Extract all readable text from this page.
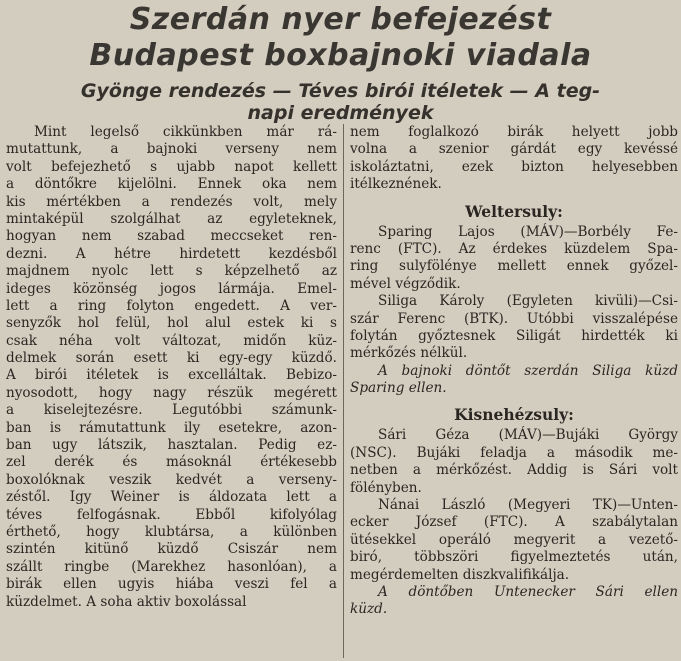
Szerdán nyer befejezést
Budapest boxbajnoki viadala
Gyönge rendezés — Téves birói itéletek — A teg-
napi eredmények
Mint legelső cikkünkben már rá-
mutattunk, a bajnoki verseny nem
volt befejezhető s ujabb napot kellett
a döntőkre kijelölni. Ennek oka nem
kis mértékben a rendezés volt, mely
mintaképül szolgálhat az egyleteknek,
hogyan nem szabad meccseket ren-
dezni. A hétre hirdetett kezdésből
majdnem nyolc lett s képzelhető az
ideges közönség jogos lármája. Emel-
lett a ring folyton engedett. A ver-
senyzők hol felül, hol alul estek ki s
csak néha volt változat, midőn küz-
delmek során esett ki egy-egy küzdő.
A birói itéletek is excelláltak. Bebizo-
nyosodott, hogy nagy részük megérett
a kiselejtezésre. Legutóbbi számunk-
ban is rámutattunk ily esetekre, azon-
ban ugy látszik, hasztalan. Pedig ez-
zel derék és másoknál értékesebb
boxolóknak veszik kedvét a verseny-
zéstől. Igy Weiner is áldozata lett a
téves felfogásnak. Ebből kifolyólag
érthető, hogy klubtársa, a különben
szintén kitünő küzdő Csiszár nem
szállt ringbe (Marekhez hasonlóan), a
birák ellen ugyis hiába veszi fel a
küzdelmet. A soha aktiv boxolással
nem foglalkozó birák helyett jobb
volna a szenior gárdát egy kevéssé
iskoláztatni, ezek bizton helyesebben
itélkeznének.
Weltersuly:
Sparing Lajos (MÁV)—Borbély Fe-
renc (FTC). Az érdekes küzdelem Spa-
ring sulyfölénye mellett ennek győzel-
mével végződik.
Siliga Károly (Egyleten kivüli)—Csi-
szár Ferenc (BTK). Utóbbi visszalépése
folytán győztesnek Siligát hirdették ki
mérkőzés nélkül.
A bajnoki döntőt szerdán Siliga küzd
Sparing ellen.
Kisnehézsuly:
Sári Géza (MÁV)—Bujáki György
(NSC). Bujáki feladja a második me-
netben a mérkőzést. Addig is Sári volt
fölényben.
Nánai László (Megyeri TK)—Unten-
ecker József (FTC). A szabálytalan
ütésekkel operáló megyerit a vezető-
biró, többszöri figyelmeztetés után,
megérdemelten diszkvalifikálja.
A döntőben Untenecker Sári ellen
küzd.
